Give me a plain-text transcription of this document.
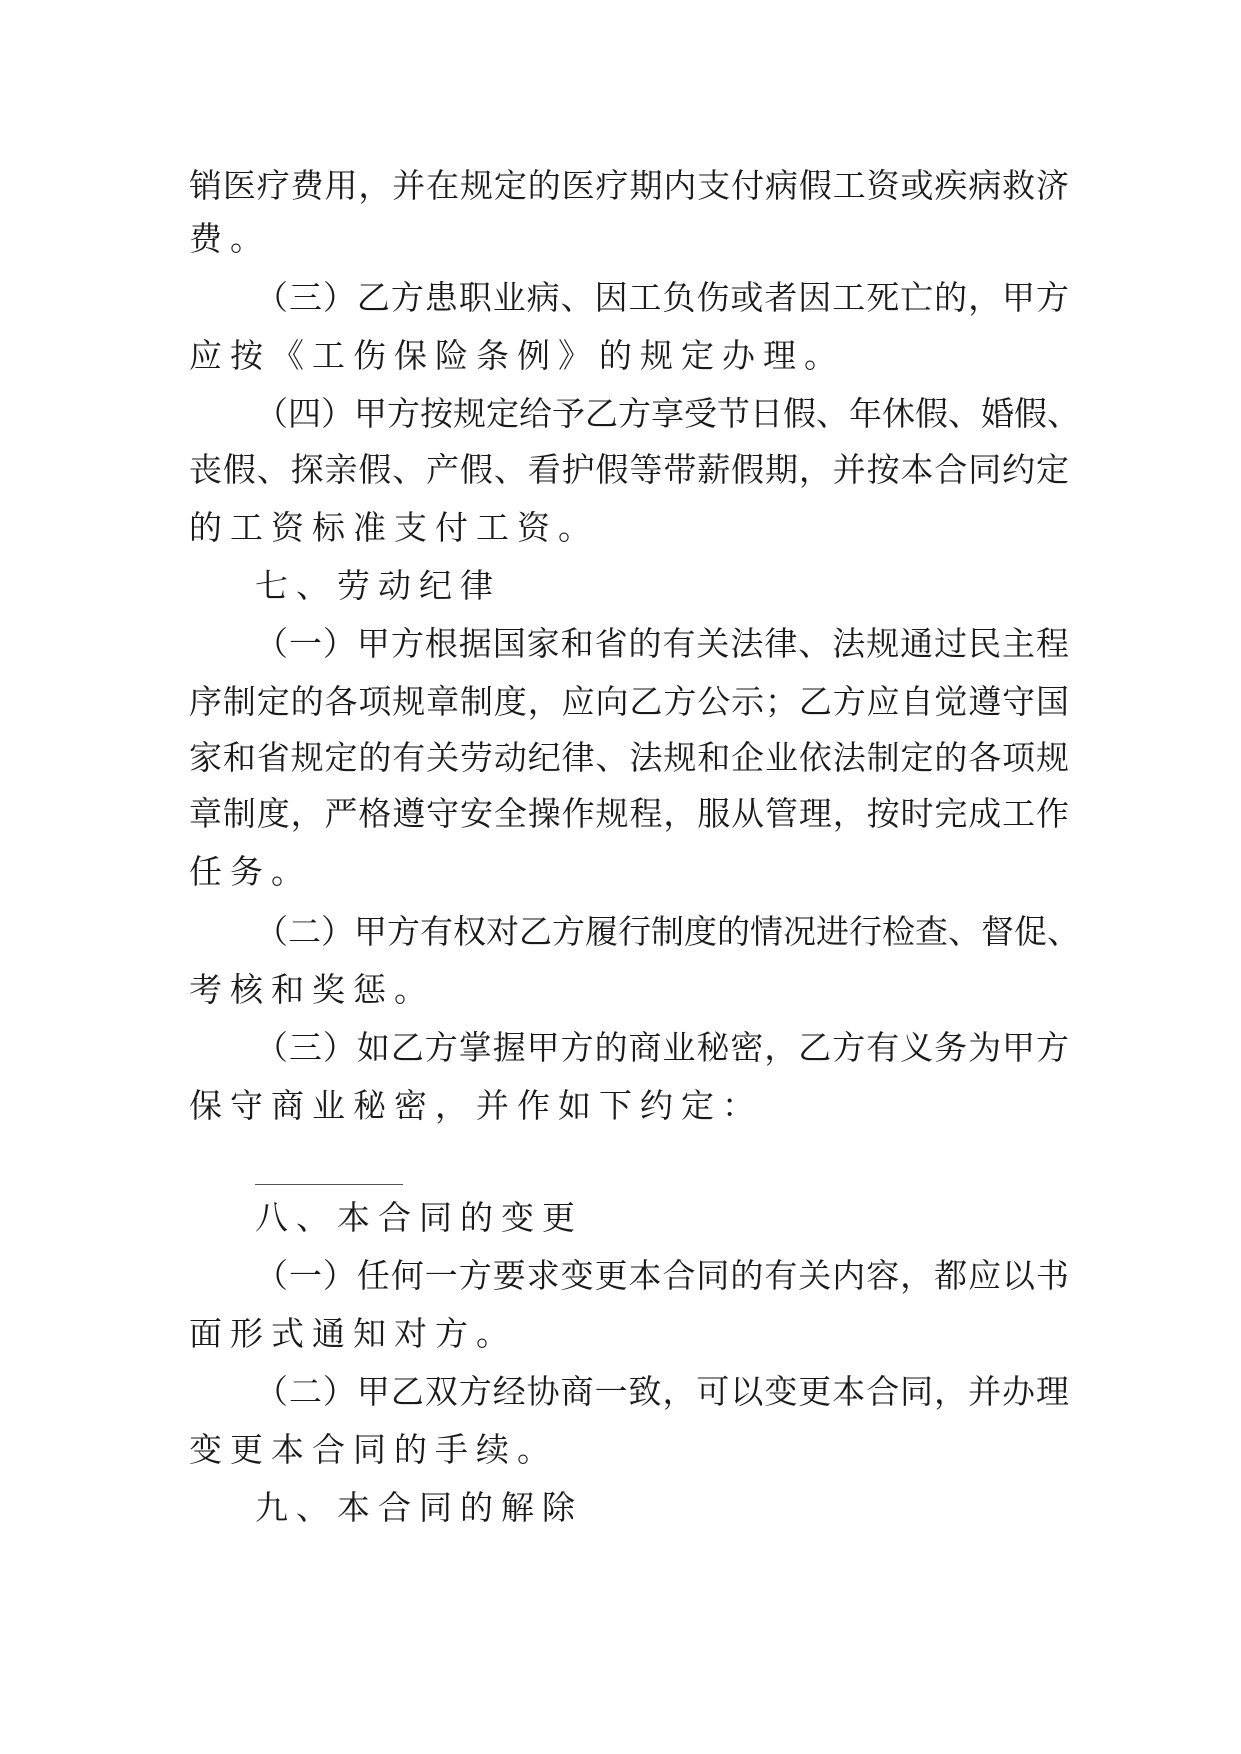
销医疗费用，并在规定的医疗期内支付病假工资或疾病救济
费。
（三）乙方患职业病、因工负伤或者因工死亡的，甲方
应按《工伤保险条例》的规定办理。
（四）甲方按规定给予乙方享受节日假、年休假、婚假、
丧假、探亲假、产假、看护假等带薪假期，并按本合同约定
的工资标准支付工资。
七、劳动纪律
（一）甲方根据国家和省的有关法律、法规通过民主程
序制定的各项规章制度，应向乙方公示；乙方应自觉遵守国
家和省规定的有关劳动纪律、法规和企业依法制定的各项规
章制度，严格遵守安全操作规程，服从管理，按时完成工作
任务。
（二）甲方有权对乙方履行制度的情况进行检查、督促、
考核和奖惩。
（三）如乙方掌握甲方的商业秘密，乙方有义务为甲方
保守商业秘密，并作如下约定：
八、本合同的变更
（一）任何一方要求变更本合同的有关内容，都应以书
面形式通知对方。
（二）甲乙双方经协商一致，可以变更本合同，并办理
变更本合同的手续。
九、本合同的解除
